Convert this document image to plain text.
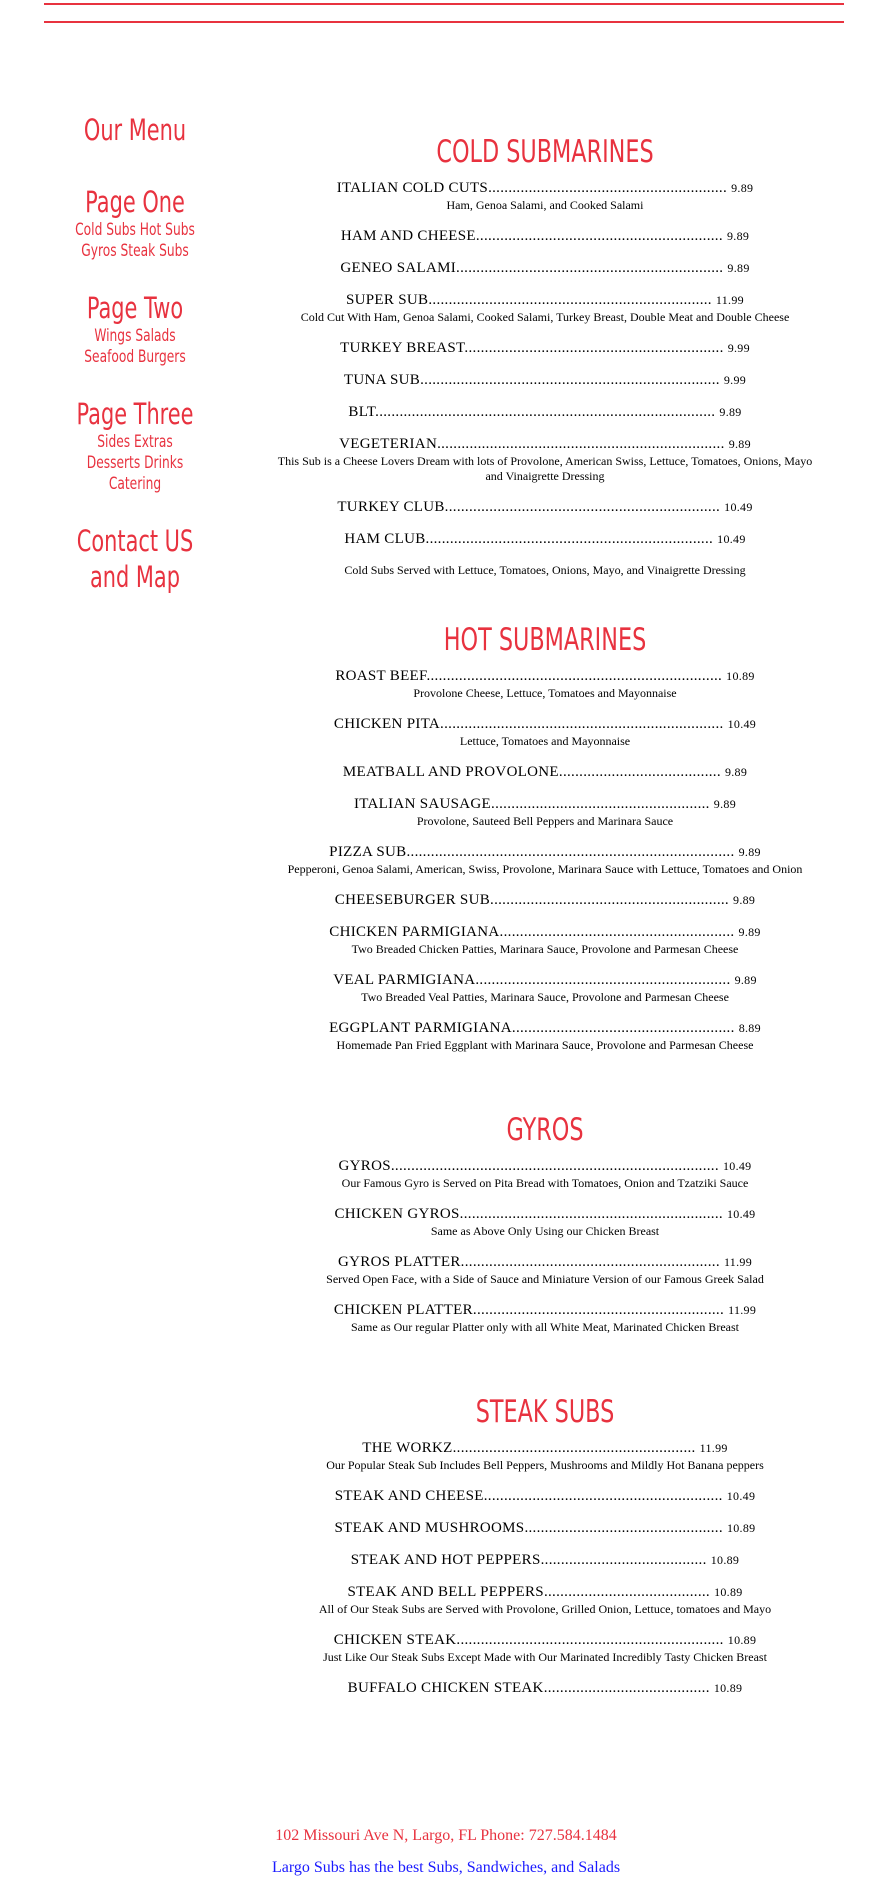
Our Menu
Page One
Cold Subs Hot Subs
Gyros Steak Subs
Page Two
Wings Salads
Seafood Burgers
Page Three
Sides Extras
Desserts Drinks
Catering
Contact US
and Map
COLD SUBMARINES
ITALIAN COLD CUTS........................................................... 9.89
Ham, Genoa Salami, and Cooked Salami
HAM AND CHEESE............................................................. 9.89
GENEO SALAMI.................................................................. 9.89
SUPER SUB...................................................................... 11.99
Cold Cut With Ham, Genoa Salami, Cooked Salami, Turkey Breast, Double Meat and Double Cheese
TURKEY BREAST................................................................ 9.99
TUNA SUB.......................................................................... 9.99
BLT.................................................................................... 9.89
VEGETERIAN....................................................................... 9.89
This Sub is a Cheese Lovers Dream with lots of Provolone, American Swiss, Lettuce, Tomatoes, Onions, Mayo and Vinaigrette Dressing
TURKEY CLUB.................................................................... 10.49
HAM CLUB....................................................................... 10.49
Cold Subs Served with Lettuce, Tomatoes, Onions, Mayo, and Vinaigrette Dressing
HOT SUBMARINES
ROAST BEEF......................................................................... 10.89
Provolone Cheese, Lettuce, Tomatoes and Mayonnaise
CHICKEN PITA...................................................................... 10.49
Lettuce, Tomatoes and Mayonnaise
MEATBALL AND PROVOLONE........................................ 9.89
ITALIAN SAUSAGE...................................................... 9.89
Provolone, Sauteed Bell Peppers and Marinara Sauce
PIZZA SUB................................................................................. 9.89
Pepperoni, Genoa Salami, American, Swiss, Provolone, Marinara Sauce with Lettuce, Tomatoes and Onion
CHEESEBURGER SUB........................................................... 9.89
CHICKEN PARMIGIANA.......................................................... 9.89
Two Breaded Chicken Patties, Marinara Sauce, Provolone and Parmesan Cheese
VEAL PARMIGIANA............................................................... 9.89
Two Breaded Veal Patties, Marinara Sauce, Provolone and Parmesan Cheese
EGGPLANT PARMIGIANA....................................................... 8.89
Homemade Pan Fried Eggplant with Marinara Sauce, Provolone and Parmesan Cheese
GYROS
GYROS................................................................................. 10.49
Our Famous Gyro is Served on Pita Bread with Tomatoes, Onion and Tzatziki Sauce
CHICKEN GYROS................................................................. 10.49
Same as Above Only Using our Chicken Breast
GYROS PLATTER................................................................ 11.99
Served Open Face, with a Side of Sauce and Miniature Version of our Famous Greek Salad
CHICKEN PLATTER.............................................................. 11.99
Same as Our regular Platter only with all White Meat, Marinated Chicken Breast
STEAK SUBS
THE WORKZ............................................................ 11.99
Our Popular Steak Sub Includes Bell Peppers, Mushrooms and Mildly Hot Banana peppers
STEAK AND CHEESE........................................................... 10.49
STEAK AND MUSHROOMS................................................. 10.89
STEAK AND HOT PEPPERS......................................... 10.89
STEAK AND BELL PEPPERS......................................... 10.89
All of Our Steak Subs are Served with Provolone, Grilled Onion, Lettuce, tomatoes and Mayo
CHICKEN STEAK.................................................................. 10.89
Just Like Our Steak Subs Except Made with Our Marinated Incredibly Tasty Chicken Breast
BUFFALO CHICKEN STEAK......................................... 10.89
102 Missouri Ave N, Largo, FL Phone: 727.584.1484
Largo Subs has the best Subs, Sandwiches, and Salads
